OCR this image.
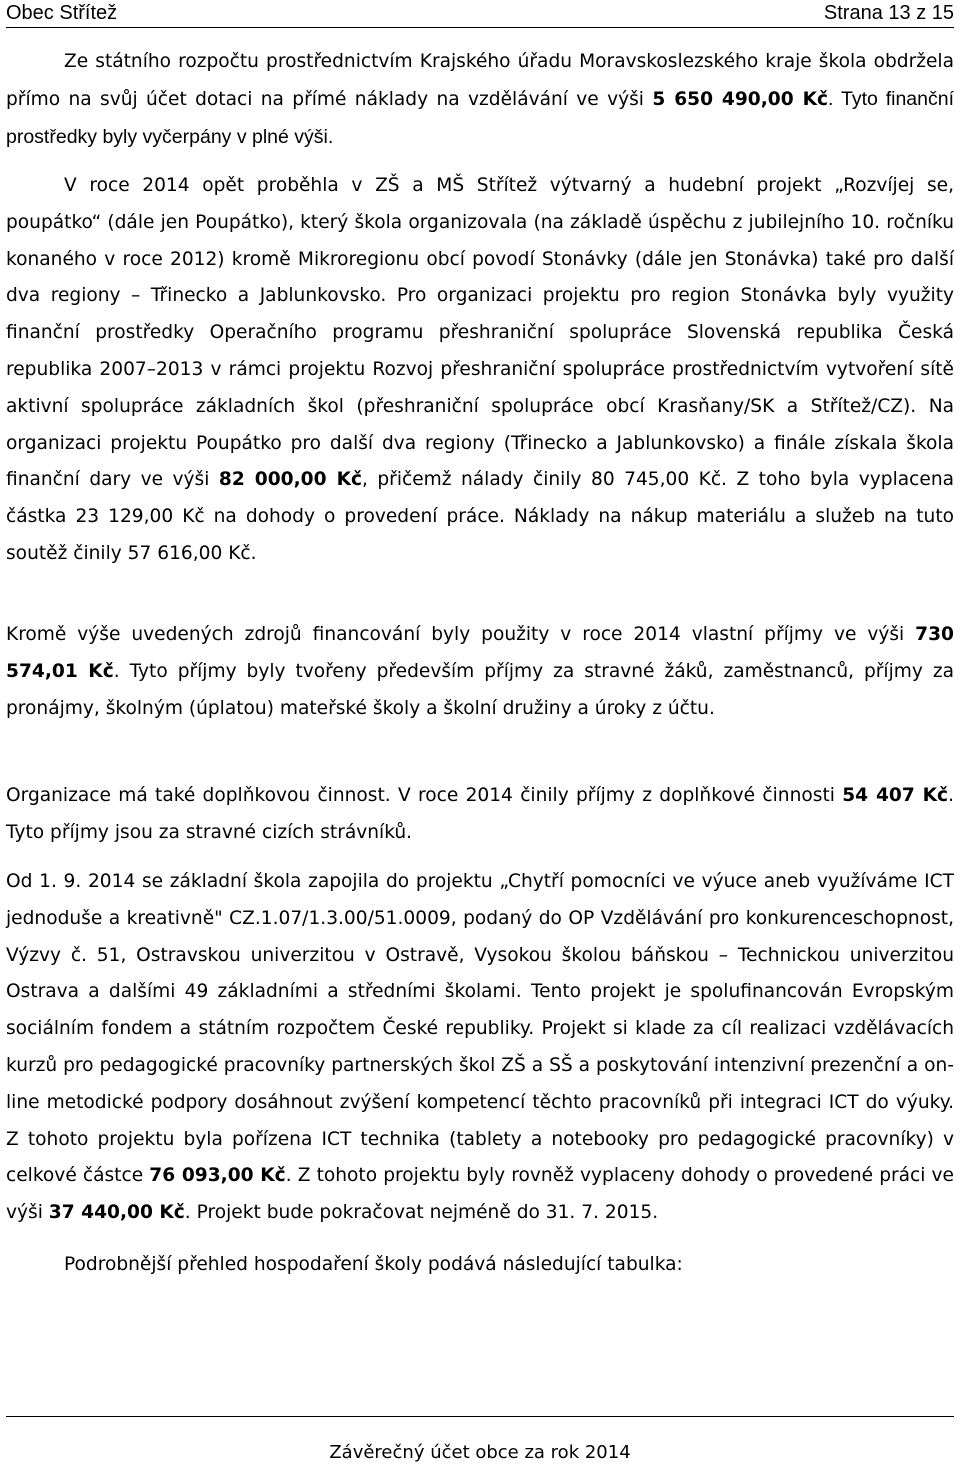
Obec Střítež	Strana 13 z 15

Ze státního rozpočtu prostřednictvím Krajského úřadu Moravskoslezského kraje škola obdržela přímo na svůj účet dotaci na přímé náklady na vzdělávání ve výši 5 650 490,00 Kč. Tyto finanční prostředky byly vyčerpány v plné výši.

V roce 2014 opět proběhla v ZŠ a MŠ Střítež výtvarný a hudební projekt „Rozvíjej se, poupátko“ (dále jen Poupátko), který škola organizovala (na základě úspěchu z jubilejního 10. ročníku konaného v roce 2012) kromě Mikroregionu obcí povodí Stonávky (dále jen Stonávka) také pro další dva regiony – Třinecko a Jablunkovsko. Pro organizaci projektu pro region Stonávka byly využity finanční prostředky Operačního programu přeshraniční spolupráce Slovenská republika Česká republika 2007–2013 v rámci projektu Rozvoj přeshraniční spolupráce prostřednictvím vytvoření sítě aktivní spolupráce základních škol (přeshraniční spolupráce obcí Krasňany/SK a Střítež/CZ). Na organizaci projektu Poupátko pro další dva regiony (Třinecko a Jablunkovsko) a finále získala škola finanční dary ve výši 82 000,00 Kč, přičemž nálady činily 80 745,00 Kč. Z toho byla vyplacena částka 23 129,00 Kč na dohody o provedení práce. Náklady na nákup materiálu a služeb na tuto soutěž činily 57 616,00 Kč.

Kromě výše uvedených zdrojů financování byly použity v roce 2014 vlastní příjmy ve výši 730 574,01 Kč. Tyto příjmy byly tvořeny především příjmy za stravné žáků, zaměstnanců, příjmy za pronájmy, školným (úplatou) mateřské školy a školní družiny a úroky z účtu.

Organizace má také doplňkovou činnost. V roce 2014 činily příjmy z doplňkové činnosti 54 407 Kč. Tyto příjmy jsou za stravné cizích strávníků.

Od 1. 9. 2014 se základní škola zapojila do projektu „Chytří pomocníci ve výuce aneb využíváme ICT jednoduše a kreativně" CZ.1.07/1.3.00/51.0009, podaný do OP Vzdělávání pro konkurenceschopnost, Výzvy č. 51, Ostravskou univerzitou v Ostravě, Vysokou školou báňskou – Technickou univerzitou Ostrava a dalšími 49 základními a středními školami. Tento projekt je spolufinancován Evropským sociálním fondem a státním rozpočtem České republiky. Projekt si klade za cíl realizaci vzdělávacích kurzů pro pedagogické pracovníky partnerských škol ZŠ a SŠ a poskytování intenzivní prezenční a on-line metodické podpory dosáhnout zvýšení kompetencí těchto pracovníků při integraci ICT do výuky. Z tohoto projektu byla pořízena ICT technika (tablety a notebooky pro pedagogické pracovníky) v celkové částce 76 093,00 Kč. Z tohoto projektu byly rovněž vyplaceny dohody o provedené práci ve výši 37 440,00 Kč. Projekt bude pokračovat nejméně do 31. 7. 2015.

Podrobnější přehled hospodaření školy podává následující tabulka:

Závěrečný účet obce za rok 2014
